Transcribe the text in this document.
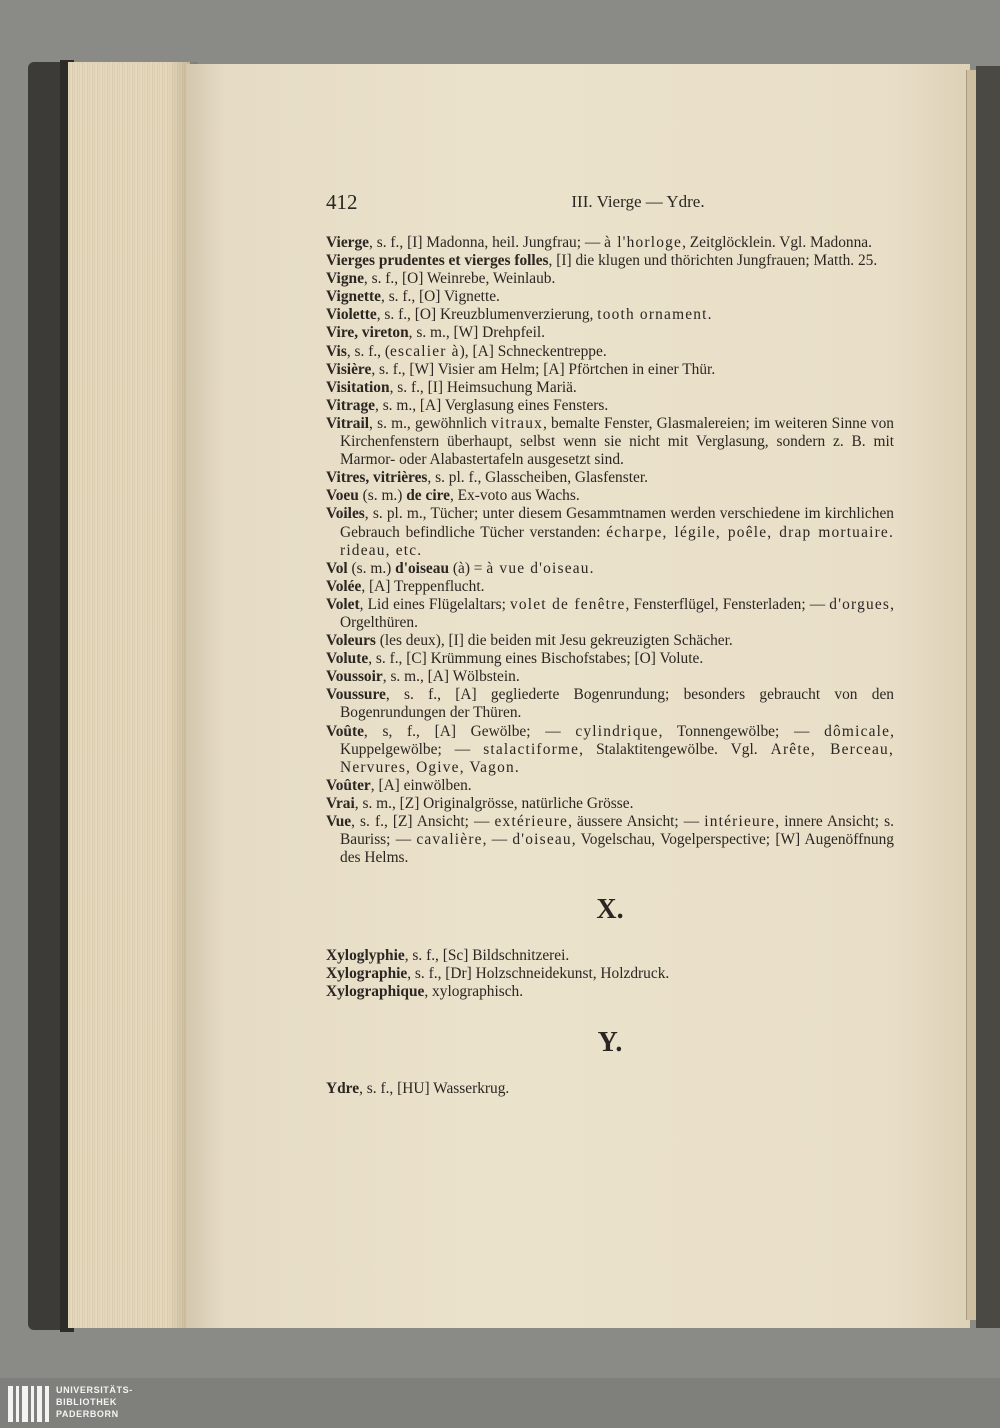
412	III. Vierge — Ydre.

Vierge, s. f., [I] Madonna, heil. Jungfrau; — à l'horloge, Zeitglöcklein. Vgl. Madonna.

Vierges prudentes et vierges folles, [I] die klugen und thörichten Jungfrauen; Matth. 25.

Vigne, s. f., [O] Weinrebe, Weinlaub.

Vignette, s. f., [O] Vignette.

Violette, s. f., [O] Kreuzblumenverzierung, tooth ornament.

Vire, vireton, s. m., [W] Drehpfeil.

Vis, s. f., (escalier à), [A] Schneckentreppe.

Visière, s. f., [W] Visier am Helm; [A] Pförtchen in einer Thür.

Visitation, s. f., [I] Heimsuchung Mariä.

Vitrage, s. m., [A] Verglasung eines Fensters.

Vitrail, s. m., gewöhnlich vitraux, bemalte Fenster, Glasmalereien; im weiteren Sinne von Kirchenfenstern überhaupt, selbst wenn sie nicht mit Verglasung, sondern z. B. mit Marmor- oder Alabastertafeln ausgesetzt sind.

Vitres, vitrières, s. pl. f., Glasscheiben, Glasfenster.

Voeu (s. m.) de cire, Ex-voto aus Wachs.

Voiles, s. pl. m., Tücher; unter diesem Gesammtnamen werden verschiedene im kirchlichen Gebrauch befindliche Tücher verstanden: écharpe, légile, poêle, drap mortuaire. rideau, etc.

Vol (s. m.) d'oiseau (à) = à vue d'oiseau.

Volée, [A] Treppenflucht.

Volet, Lid eines Flügelaltars; volet de fenêtre, Fensterflügel, Fensterladen; — d'orgues, Orgelthüren.

Voleurs (les deux), [I] die beiden mit Jesu gekreuzigten Schächer.

Volute, s. f., [C] Krümmung eines Bischofstabes; [O] Volute.

Voussoir, s. m., [A] Wölbstein.

Voussure, s. f., [A] gegliederte Bogenrundung; besonders gebraucht von den Bogenrundungen der Thüren.

Voûte, s, f., [A] Gewölbe; — cylindrique, Tonnengewölbe; — dômicale, Kuppelgewölbe; — stalactiforme, Stalaktitengewölbe. Vgl. Arête, Berceau, Nervures, Ogive, Vagon.

Voûter, [A] einwölben.

Vrai, s. m., [Z] Originalgrösse, natürliche Grösse.

Vue, s. f., [Z] Ansicht; — extérieure, äussere Ansicht; — intérieure, innere Ansicht; s. Bauriss; — cavalière, — d'oiseau, Vogelschau, Vogelperspective; [W] Augenöffnung des Helms.

X.

Xyloglyphie, s. f., [Sc] Bildschnitzerei.

Xylographie, s. f., [Dr] Holzschneidekunst, Holzdruck.

Xylographique, xylographisch.

Y.

Ydre, s. f., [HU] Wasserkrug.

UNIVERSITÄTS-
BIBLIOTHEK
PADERBORN
